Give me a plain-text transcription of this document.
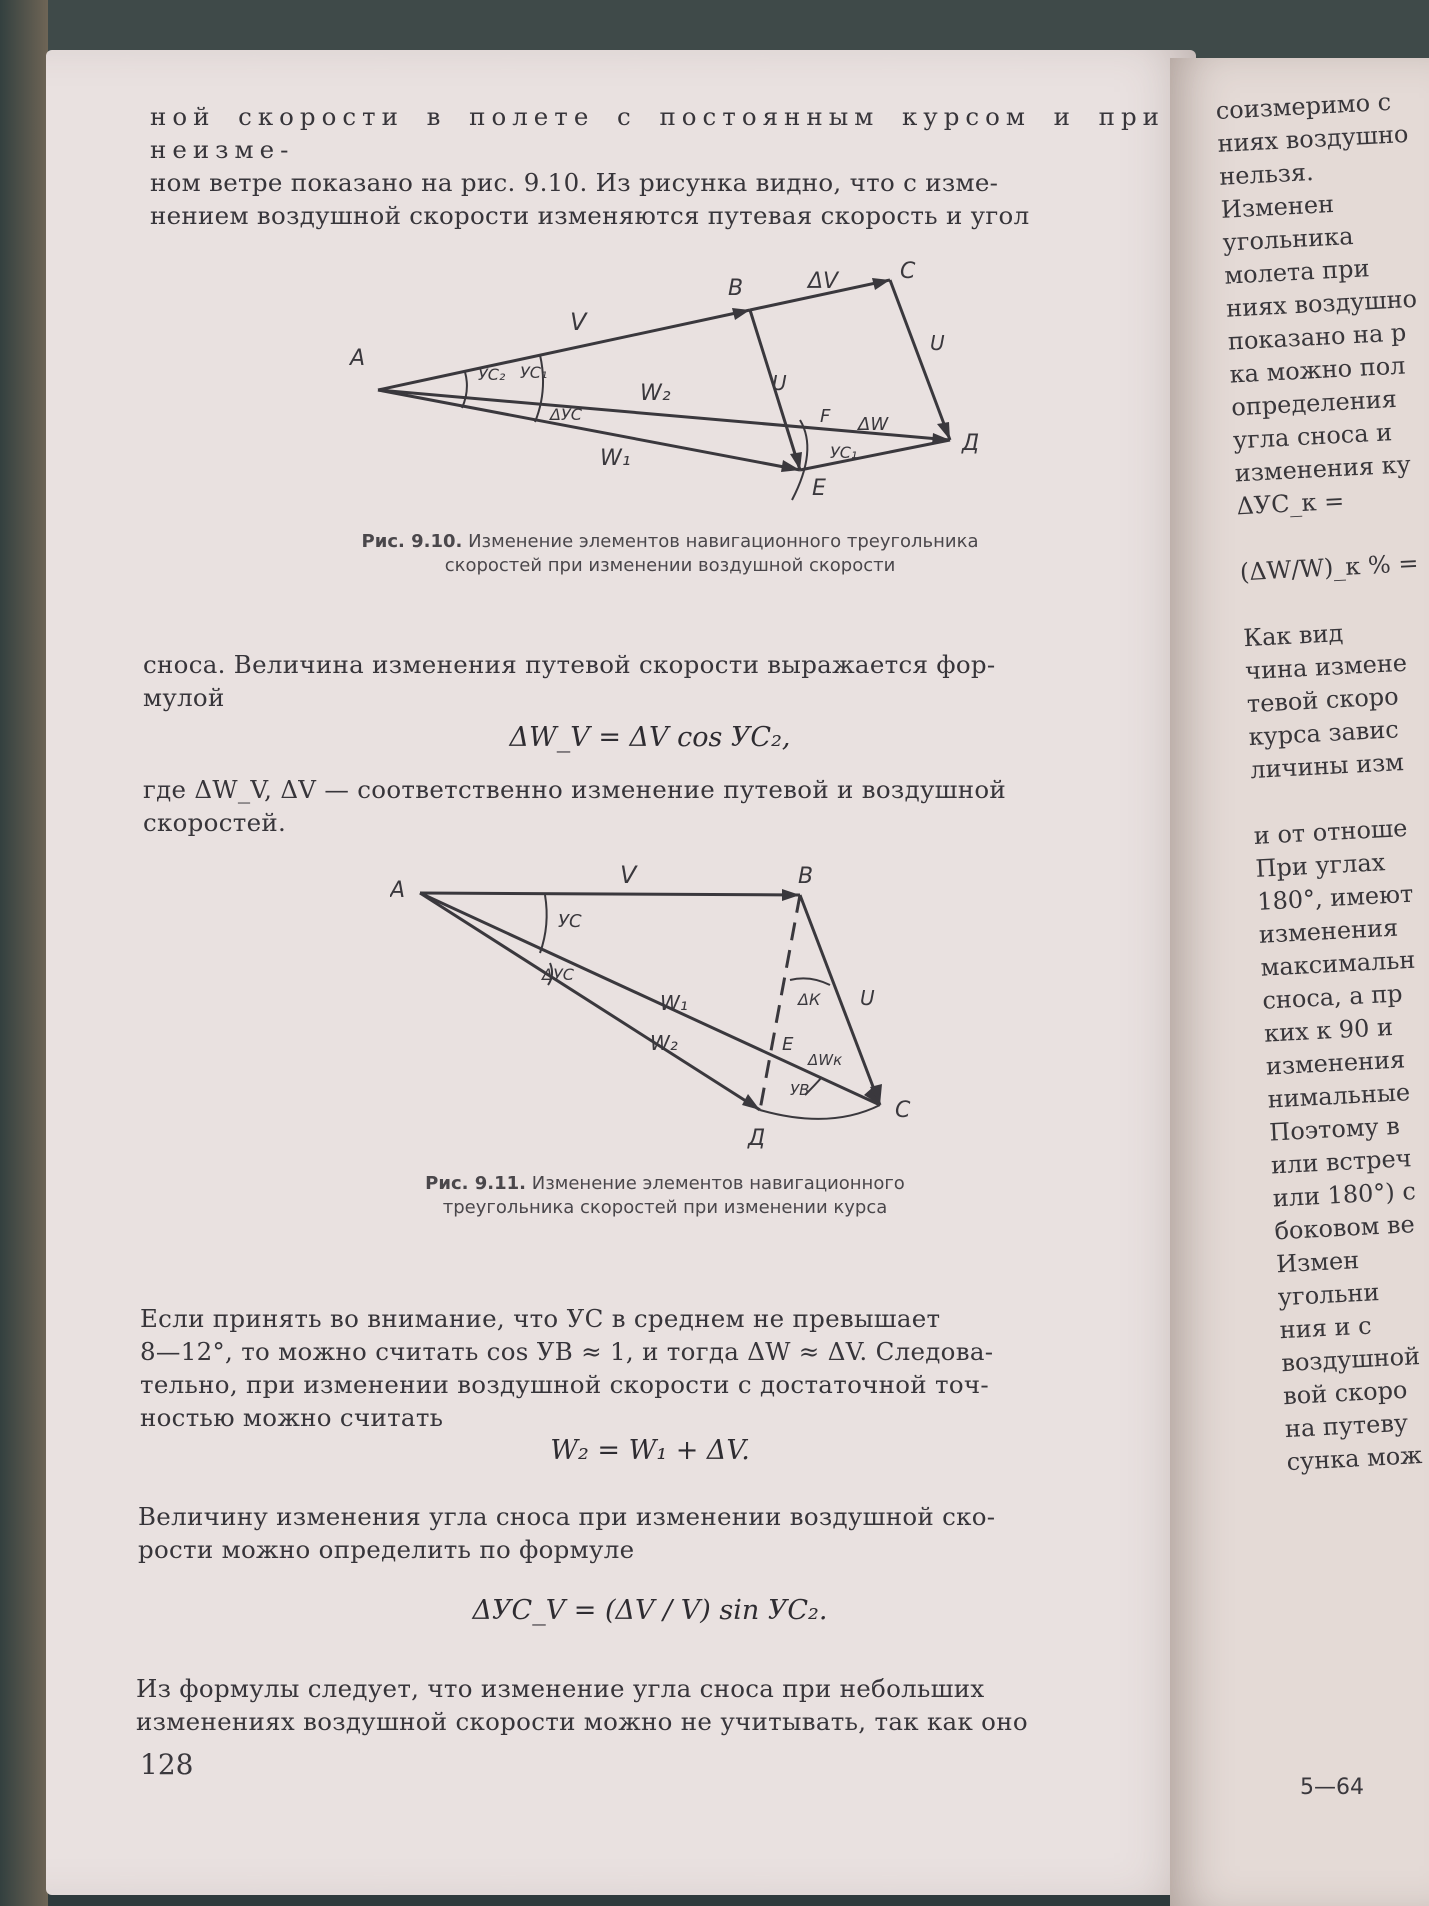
ной скорости в полете с постоянным курсом и при неизме-

ном ветре показано на рис. 9.10. Из рисунка видно, что с изме-

нением воздушной скорости изменяются путевая скорость и угол

А
В
С
Д
Е
F
V
ΔV
U
U
W₂
W₁
ΔW
УС₂ УС₁
ΔУС
УС₁
Рис. 9.10. Изменение элементов навигационного треугольника скоростей при изменении воздушной скорости

сноса. Величина изменения путевой скорости выражается фор-

мулой

ΔW_V = ΔV cos УС₂,

где ΔW_V, ΔV — соответственно изменение путевой и воздушной

скоростей.

А
В
С
Д
Е
V
УС
ΔУС
W₁
W₂
ΔК U
ΔWк
УВ
Рис. 9.11. Изменение элементов навигационного треугольника скоростей при изменении курса

Если принять во внимание, что УС в среднем не превышает

8—12°, то можно считать cos УВ ≈ 1, и тогда ΔW ≈ ΔV. Следова-

тельно, при изменении воздушной скорости с достаточной точ-

ностью можно считать

W₂ = W₁ + ΔV.

Величину изменения угла сноса при изменении воздушной ско-

рости можно определить по формуле

ΔУС_V = (ΔV / V) sin УС₂.

Из формулы следует, что изменение угла сноса при небольших

изменениях воздушной скорости можно не учитывать, так как оно

128
соизмеримо с
ниях воздушно
нельзя.
Изменен
угольника
молета при
ниях воздушно
показано на р
ка можно пол
определения
угла сноса и
изменения ку
ΔУС_к =
(ΔW/W)_к % =
Как вид
чина измене
тевой скоро
курса завис
личины изм
и от отноше
При углах
180°, имеют
изменения
максимальн
сноса, а пр
ких к 90 и
изменения
нимальные
Поэтому в
или встреч
или 180°) с
боковом ве
Измен
угольни
ния и с
воздушной
вой скоро
на путеву
сунка мож
5—64
